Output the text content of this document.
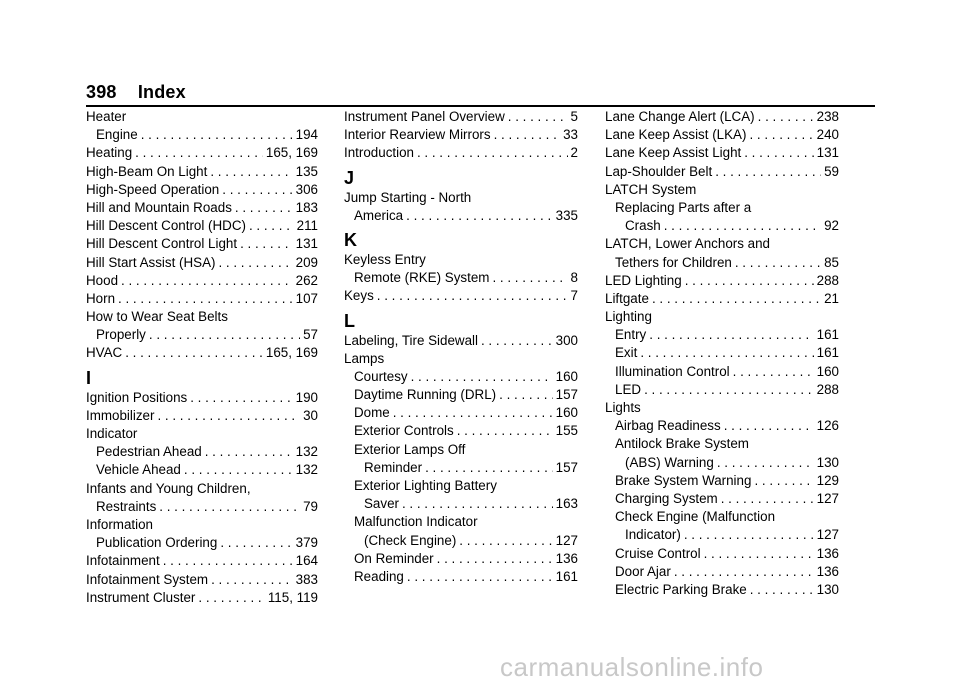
398 Index
Heater
Engine . . .	194
Heating . . .	165, 169
High-Beam On Light . . .	135
High-Speed Operation . . .	306
Hill and Mountain Roads . . .	183
Hill Descent Control (HDC) . . .	211
Hill Descent Control Light . . .	131
Hill Start Assist (HSA) . . .	209
Hood . . .	262
Horn . . .	107
How to Wear Seat Belts
Properly . . .	57
HVAC . . .	165, 169
I
Ignition Positions . . .	190
Immobilizer . . .	30
Indicator
Pedestrian Ahead . . .	132
Vehicle Ahead . . .	132
Infants and Young Children,
Restraints . . .	79
Information
Publication Ordering . . .	379
Infotainment . . .	164
Infotainment System . . .	383
Instrument Cluster . . .	115, 119
Instrument Panel Overview . . .	5
Interior Rearview Mirrors . . .	33
Introduction . . .	2
J
Jump Starting - North
America . . .	335
K
Keyless Entry
Remote (RKE) System . . .	8
Keys . . .	7
L
Labeling, Tire Sidewall . . .	300
Lamps
Courtesy . . .	160
Daytime Running (DRL) . . .	157
Dome . . .	160
Exterior Controls . . .	155
Exterior Lamps Off
Reminder . . .	157
Exterior Lighting Battery
Saver . . .	163
Malfunction Indicator
(Check Engine) . . .	127
On Reminder . . .	136
Reading . . .	161
Lane Change Alert (LCA) . . .	238
Lane Keep Assist (LKA) . . .	240
Lane Keep Assist Light . . .	131
Lap-Shoulder Belt . . .	59
LATCH System
Replacing Parts after a
Crash . . .	92
LATCH, Lower Anchors and
Tethers for Children . . .	85
LED Lighting . . .	288
Liftgate . . .	21
Lighting
Entry . . .	161
Exit . . .	161
Illumination Control . . .	160
LED . . .	288
Lights
Airbag Readiness . . .	126
Antilock Brake System
(ABS) Warning . . .	130
Brake System Warning . . .	129
Charging System . . .	127
Check Engine (Malfunction
Indicator) . . .	127
Cruise Control . . .	136
Door Ajar . . .	136
Electric Parking Brake . . .	130
carmanualsonline.info
